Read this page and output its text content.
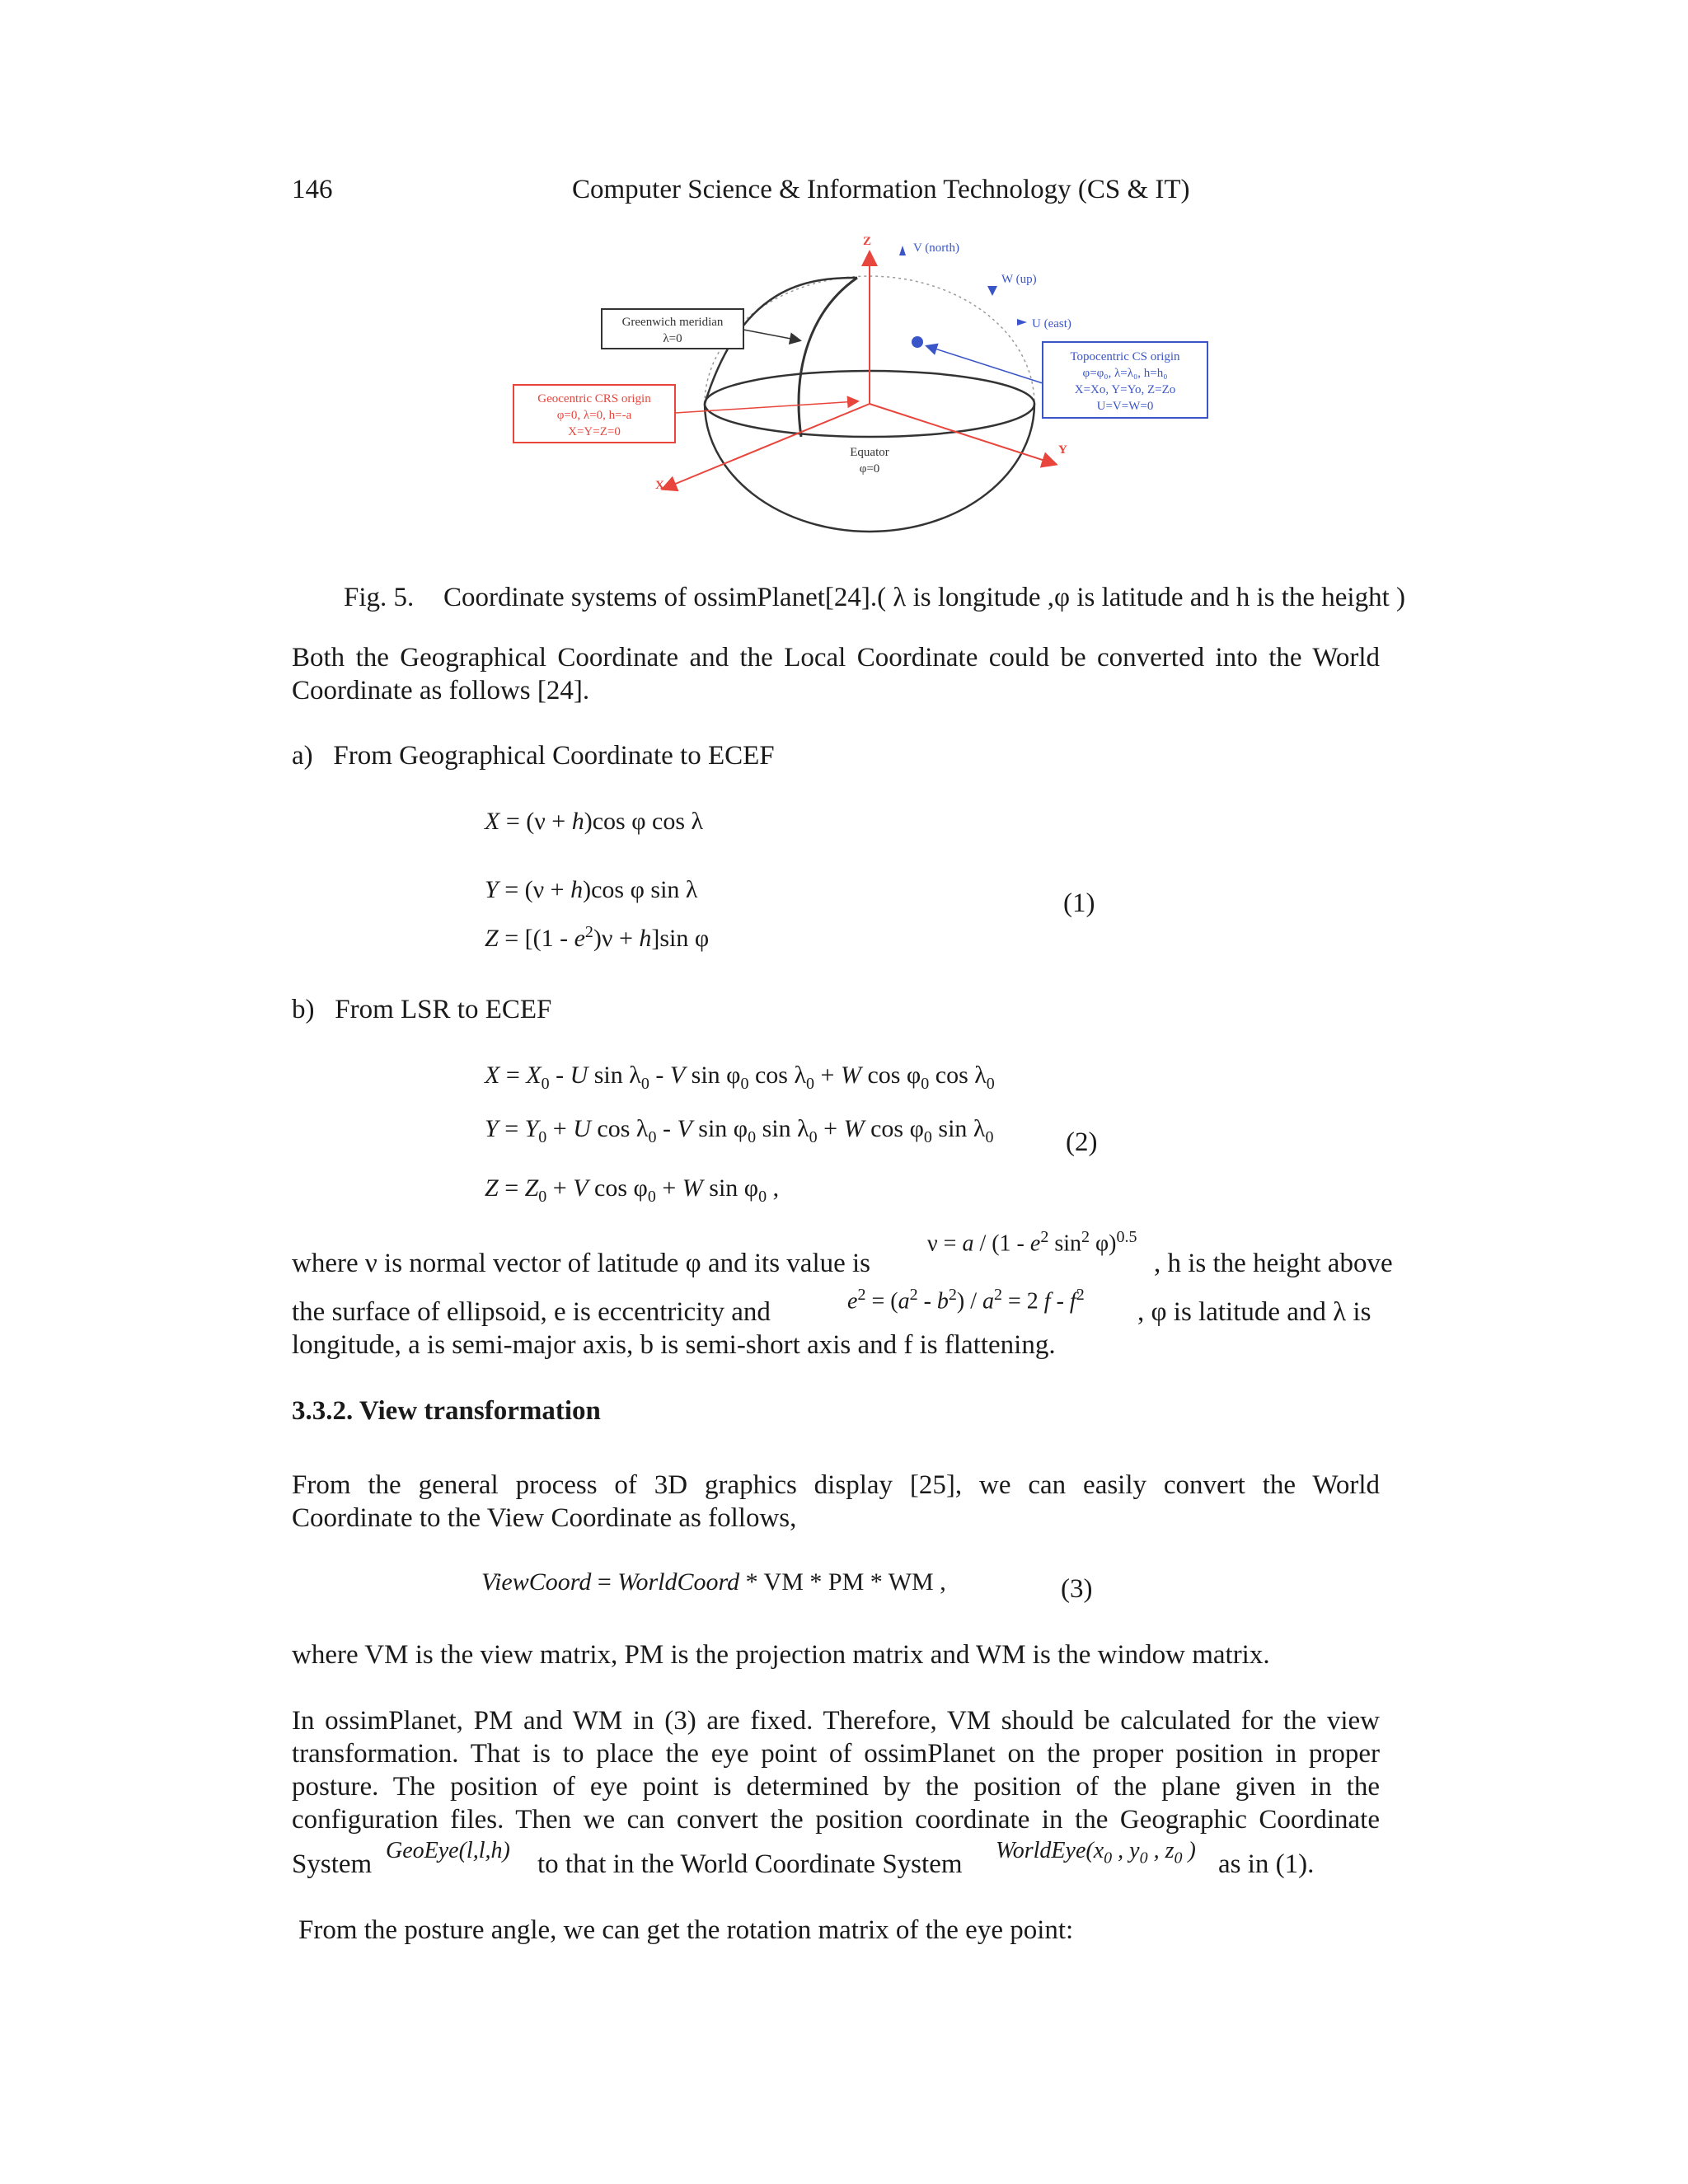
146	Computer Science & Information Technology (CS & IT)
Z	V (north)
W (up)
U (east)
X
Y
Greenwich meridian
λ=0
Geocentric CRS origin
φ=0, λ=0, h=-a
X=Y=Z=0
Topocentric CS origin
φ=φ₀, λ=λ₀, h=h₀
X=Xo, Y=Yo, Z=Zo
U=V=W=0
Equator
φ=0
Fig. 5. Coordinate systems of ossimPlanet[24].( λ is longitude ,φ is latitude and h is the height )
Both the Geographical Coordinate and the Local Coordinate could be converted into the World
Coordinate as follows [24].
a)   From Geographical Coordinate to ECEF
X = (ν + h)cos φ cos λ
Y = (ν + h)cos φ sin λ
$Z = [(1 - e^2)\nu + h]\sin$ φ
(1)
b)   From LSR to ECEF
$X = X_0 - U$ $\sin \lambda_0$ - V $\sin \varphi_0$ $\cos \lambda_0 + W$ $\cos \varphi_0$ $\cos \lambda_0$
$Y = Y_0 + U$ $\cos \lambda_0$ - V $\sin \varphi_0$ $\sin \lambda_0 + W$ $\cos \varphi_0$ $\sin \lambda_0$
$Z = Z_0 + V$ $\cos \varphi_0 + W$ $\sin \varphi_0$ ,
(2)
where ν is normal vector of latitude φ and its value is
$\nu = a / (1 - e^2$ $\sin^2 \varphi)^{0.5}$
, h is the height above
the surface of ellipsoid, e is eccentricity and	$e^2 = (a^2 - b^2) / a^2 = 2$ f - $f^2$
, φ is latitude and λ is
longitude, a is semi-major axis, b is semi-short axis and f is flattening.
3.3.2. View transformation
From the general process of 3D graphics display [25], we can easily convert the World
Coordinate to the View Coordinate as follows,
ViewCoord = WorldCoord * VM * PM * WM ,	(3)
where VM is the view matrix, PM is the projection matrix and WM is the window matrix.
In ossimPlanet, PM and WM in (3) are fixed. Therefore, VM should be calculated for the view
transformation. That is to place the eye point of ossimPlanet on the proper position in proper
posture. The position of eye point is determined by the position of the plane given in the
configuration files. Then we can convert the position coordinate in the Geographic Coordinate
System GeoEye(l,l,h) to that in the World Coordinate System $WorldEye(x_0$ , $y_0$ , $z_0$ ) as in (1).
From the posture angle, we can get the rotation matrix of the eye point:
